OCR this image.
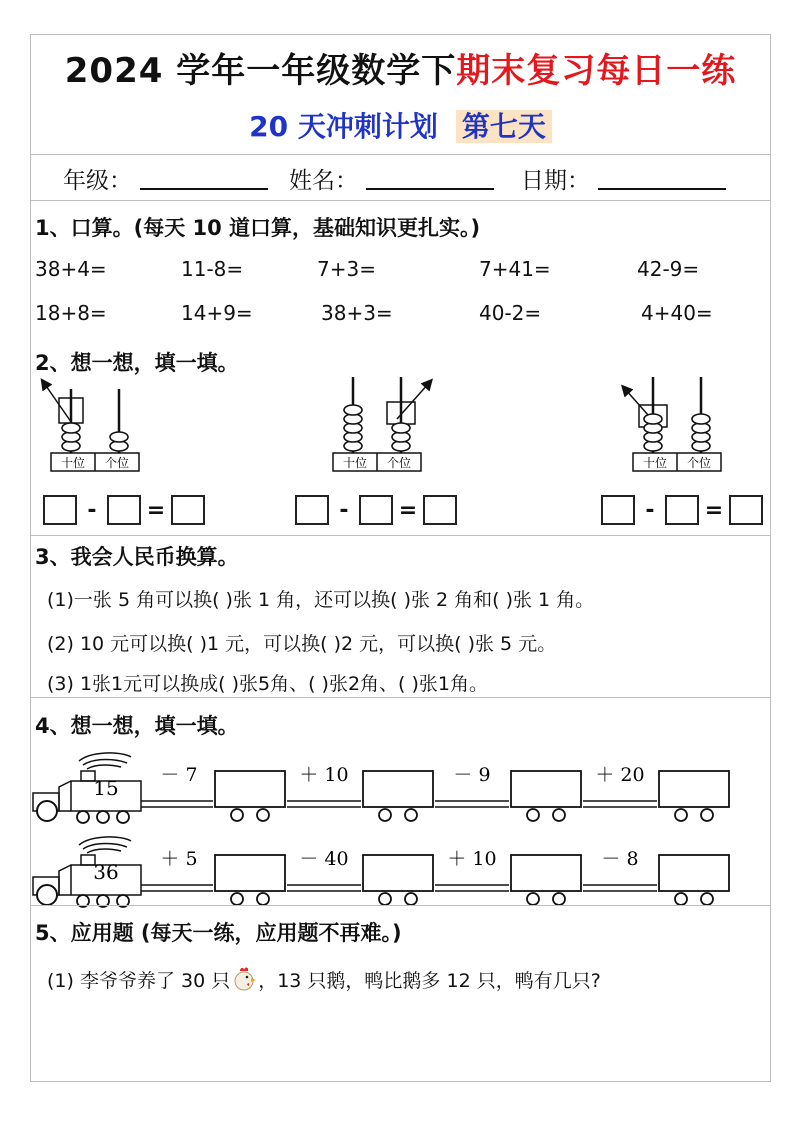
2024 学年一年级数学下期末复习每日一练
20 天冲刺计划 第七天
年级：	姓名：	日期：
1、口算。(每天 10 道口算，基础知识更扎实。)
38+4=	11-8=	7+3=	7+41=	42-9=
18+8=	14+9=	38+3=	40-2=	4+40=
2、想一想，填一填。
十位 个位	十位 个位	十位 个位
-	=	-	=	-	=
3、我会人民币换算。
(1)一张 5 角可以换( )张 1 角，还可以换( )张 2 角和( )张 1 角。
(2) 10 元可以换( )1 元，可以换( )2 元，可以换( )张 5 元。
(3) 1张1元可以换成( )张5角、( )张2角、( )张1角。
4、想一想，填一填。
15
－ 7	＋ 10	－ 9	＋ 20
36
＋ 5	－ 40	＋ 10	－ 8
5、应用题 (每天一练，应用题不再难。)
(1) 李爷爷养了 30 只 ，13 只鹅，鸭比鹅多 12 只，鸭有几只?
